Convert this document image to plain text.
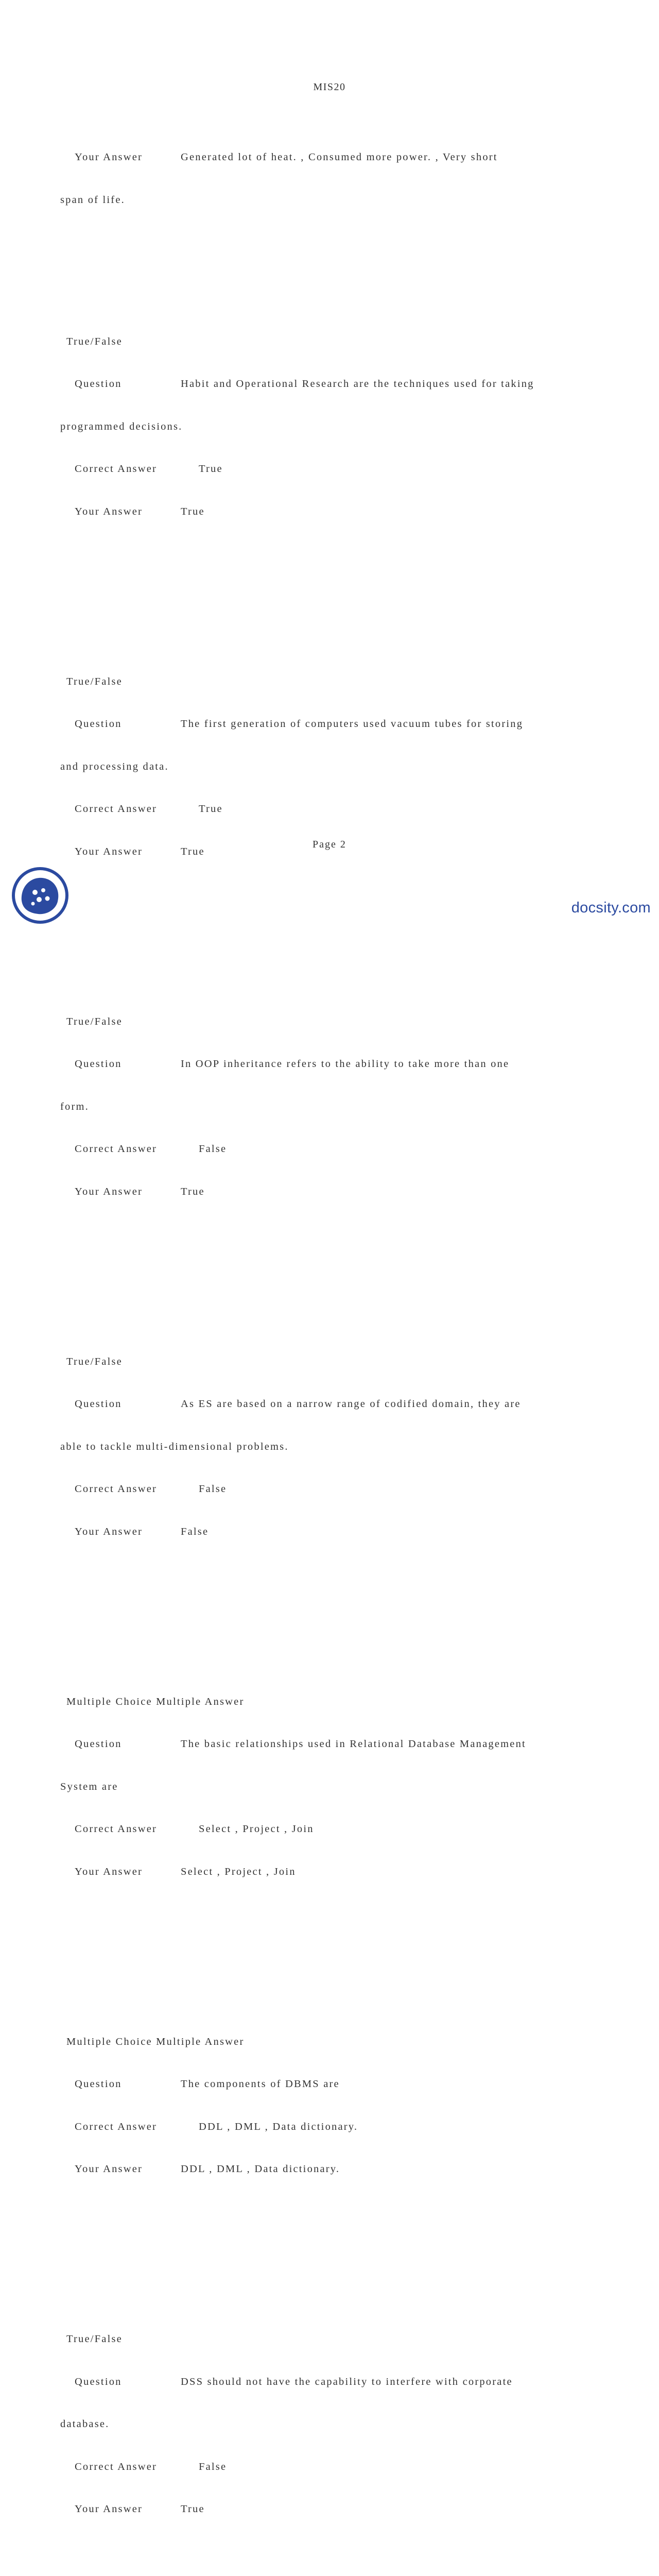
MIS20

Your Answer	Generated lot of heat. , Consumed more power. , Very short

span of life.

True/False

Question	Habit and Operational Research are the techniques used for taking

programmed decisions.

Correct Answer	True

Your Answer	True

True/False

Question	The first generation of computers used vacuum tubes for storing

and processing data.

Correct Answer	True

Your Answer	True

True/False

Question	In OOP inheritance refers to the ability to take more than one

form.

Correct Answer	False

Your Answer	True

True/False

Question	As ES are based on a narrow range of codified domain, they are

able to tackle multi-dimensional problems.

Correct Answer	False

Your Answer	False

Multiple Choice Multiple Answer

Question	The basic relationships used in Relational Database Management

System are

Correct Answer	Select , Project , Join

Your Answer	Select , Project , Join

Multiple Choice Multiple Answer

Question	The components of DBMS are

Correct Answer	DDL , DML , Data dictionary.

Your Answer	DDL , DML , Data dictionary.

True/False

Question	DSS should not have the capability to interfere with corporate

database.

Correct Answer	False

Your Answer	True

Page 2
docsity.com
